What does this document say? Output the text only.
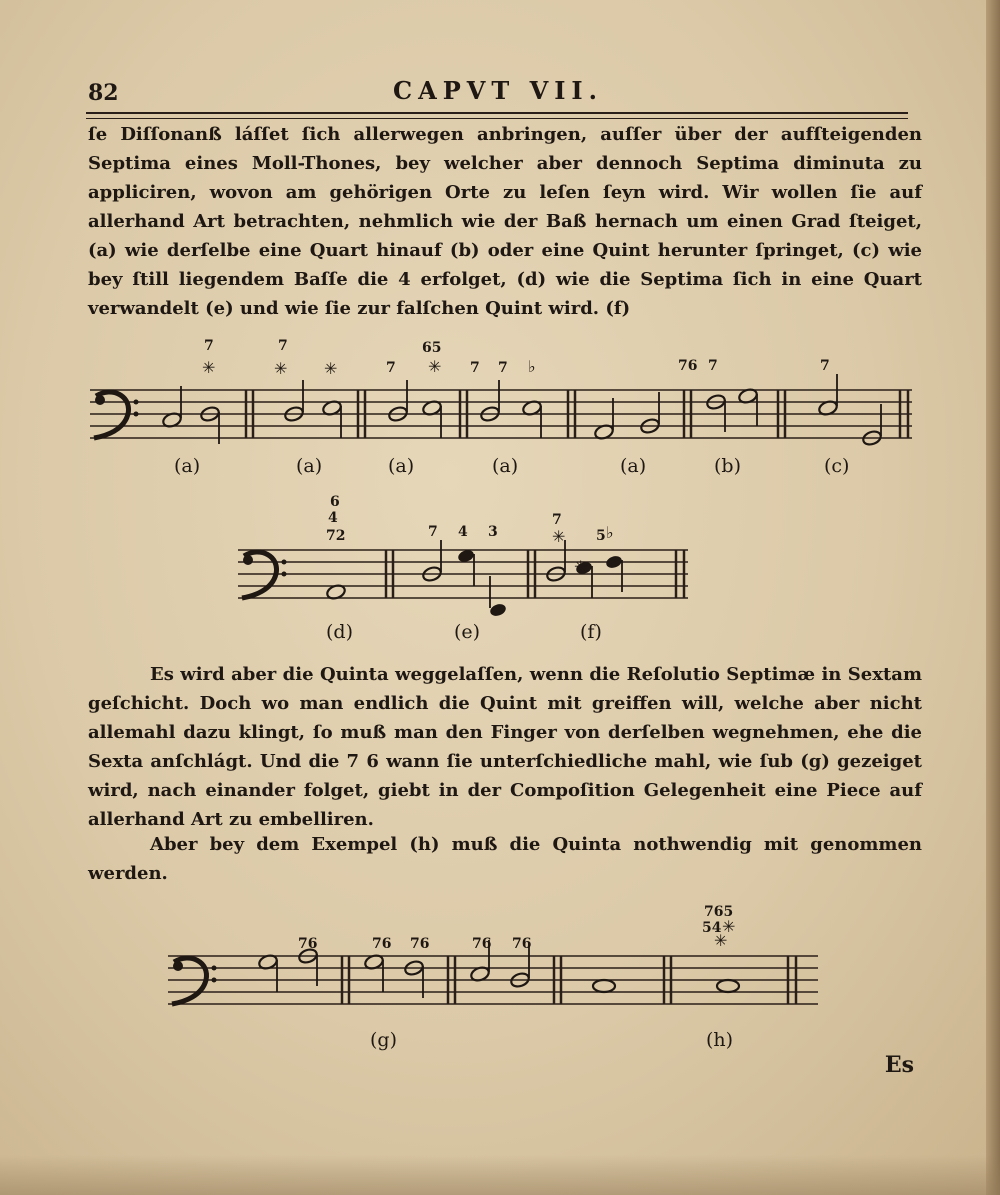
82	CAPVT VII.
ſe Diſſonanß láſſet ſich allerwegen anbringen, auſſer über der aufſteigenden Septima eines Moll-Thones, bey welcher aber dennoch Septima diminuta zu appliciren, wovon am gehörigen Orte zu leſen ſeyn wird. Wir wollen ſie auf allerhand Art betrachten, nehmlich wie der Baß hernach um einen Grad ſteiget, (a) wie derſelbe eine Quart hinauf (b) oder eine Quint herunter ſpringet, (c) wie bey ſtill liegendem Baſſe die 4 erfolget, (d) wie die Septima ſich in eine Quart verwandelt (e) und wie ſie zur falſchen Quint wird. (f)
7	7
7
65
7 7	76 7	7
✳	✳ ✳	✳	♭
(a)	(a)	(a)	(a)	(a)	(b)	(c)
6
4
72	7 4 3
7
5
✳	♭
✳
(d)	(e)	(f)
Es wird aber die Quinta weggelaſſen, wenn die Reſolutio Septimæ in Sextam geſchicht. Doch wo man endlich die Quint mit greiffen will, welche aber nicht allemahl dazu klingt, ſo muß man den Finger von derſelben wegnehmen, ehe die Sexta anſchlágt. Und die 7 6 wann ſie unterſchiedliche mahl, wie ſub (g) gezeiget wird, nach einander folget, giebt in der Compoſition Gelegenheit eine Piece auf allerhand Art zu embelliren.
Aber bey dem Exempel (h) muß die Quinta nothwendig mit genommen werden.
76	76 76	76 76
765
54 ✳
✳
(g)	(h)
Es
